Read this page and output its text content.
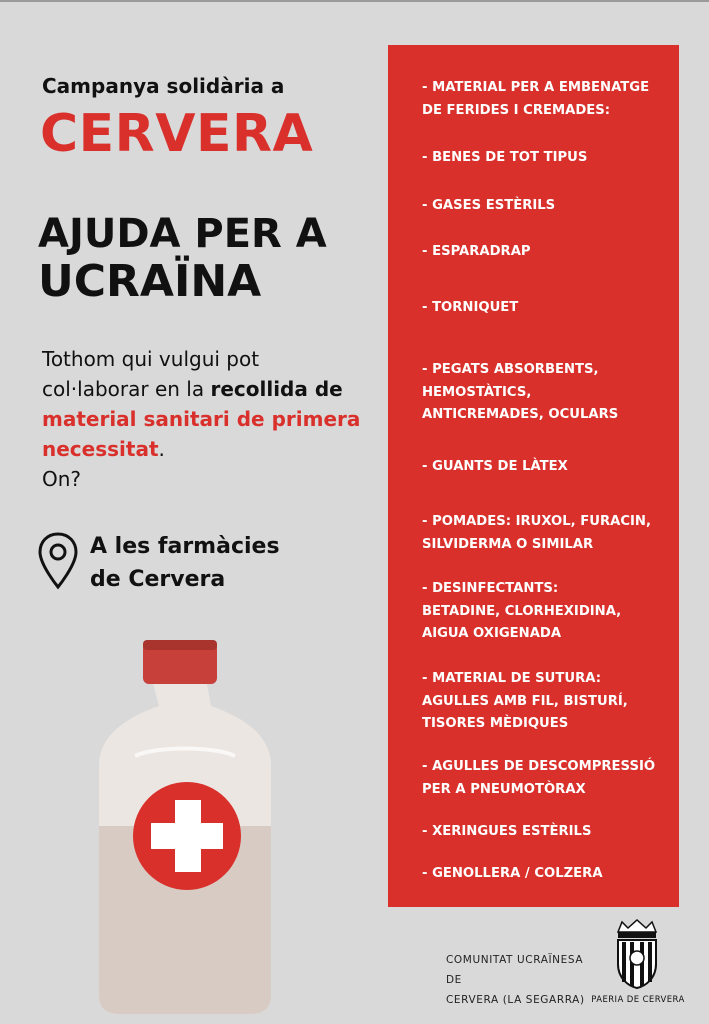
Campanya solidària a
CERVERA
AJUDA PER A
UCRAÏNA
Tothom qui vulgui pot col·laborar en la recollida de material sanitari de primera necessitat.
On?
A les farmàcies
de Cervera
- MATERIAL PER A EMBENATGE
DE FERIDES I CREMADES:
- BENES DE TOT TIPUS
- GASES ESTÈRILS
- ESPARADRAP
- TORNIQUET
- PEGATS ABSORBENTS,
HEMOSTÀTICS,
ANTICREMADES, OCULARS
- GUANTS DE LÀTEX
- POMADES: IRUXOL, FURACIN,
SILVIDERMA O SIMILAR
- DESINFECTANTS:
BETADINE, CLORHEXIDINA,
AIGUA OXIGENADA
- MATERIAL DE SUTURA:
AGULLES AMB FIL, BISTURÍ,
TISORES MÈDIQUES
- AGULLES DE DESCOMPRESSIÓ
PER A PNEUMOTÒRAX
- XERINGUES ESTÈRILS
- GENOLLERA / COLZERA
COMUNITAT UCRAÏNESA DE
CERVERA (LA SEGARRA) PAERIA DE CERVERA
